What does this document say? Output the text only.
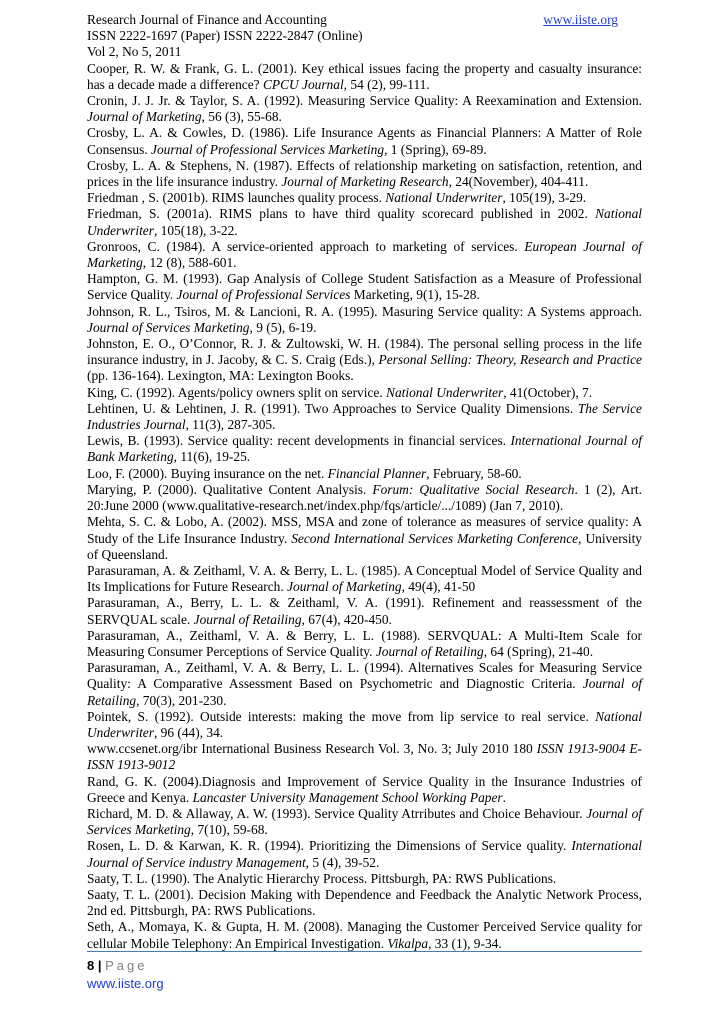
Research Journal of Finance and Accounting	www.iiste.org
ISSN 2222-1697 (Paper) ISSN 2222-2847 (Online)
Vol 2, No 5, 2011

Cooper, R. W. & Frank, G. L. (2001). Key ethical issues facing the property and casualty insurance: has a decade made a difference? CPCU Journal, 54 (2), 99-111.

Cronin, J. J. Jr. & Taylor, S. A. (1992). Measuring Service Quality: A Reexamination and Extension. Journal of Marketing, 56 (3), 55-68.

Crosby, L. A. & Cowles, D. (1986). Life Insurance Agents as Financial Planners: A Matter of Role Consensus. Journal of Professional Services Marketing, 1 (Spring), 69-89.

Crosby, L. A. & Stephens, N. (1987). Effects of relationship marketing on satisfaction, retention, and prices in the life insurance industry. Journal of Marketing Research, 24(November), 404-411.

Friedman , S. (2001b). RIMS launches quality process. National Underwriter, 105(19), 3-29.

Friedman, S. (2001a). RIMS plans to have third quality scorecard published in 2002. National Underwriter, 105(18), 3-22.

Gronroos, C. (1984). A service-oriented approach to marketing of services. European Journal of Marketing, 12 (8), 588-601.

Hampton, G. M. (1993). Gap Analysis of College Student Satisfaction as a Measure of Professional Service Quality. Journal of Professional Services Marketing, 9(1), 15-28.

Johnson, R. L., Tsiros, M. & Lancioni, R. A. (1995). Masuring Service quality: A Systems approach. Journal of Services Marketing, 9 (5), 6-19.

Johnston, E. O., O’Connor, R. J. & Zultowski, W. H. (1984). The personal selling process in the life insurance industry, in J. Jacoby, & C. S. Craig (Eds.), Personal Selling: Theory, Research and Practice (pp. 136-164). Lexington, MA: Lexington Books.

King, C. (1992). Agents/policy owners split on service. National Underwriter, 41(October), 7.

Lehtinen, U. & Lehtinen, J. R. (1991). Two Approaches to Service Quality Dimensions. The Service Industries Journal, 11(3), 287-305.

Lewis, B. (1993). Service quality: recent developments in financial services. International Journal of Bank Marketing, 11(6), 19-25.

Loo, F. (2000). Buying insurance on the net. Financial Planner, February, 58-60.

Marying, P. (2000). Qualitative Content Analysis. Forum: Qualitative Social Research. 1 (2), Art. 20:June 2000 (www.qualitative-research.net/index.php/fqs/article/.../1089) (Jan 7, 2010).

Mehta, S. C. & Lobo, A. (2002). MSS, MSA and zone of tolerance as measures of service quality: A Study of the Life Insurance Industry. Second International Services Marketing Conference, University of Queensland.

Parasuraman, A. & Zeithaml, V. A. & Berry, L. L. (1985). A Conceptual Model of Service Quality and Its Implications for Future Research. Journal of Marketing, 49(4), 41-50

Parasuraman, A., Berry, L. L. & Zeithaml, V. A. (1991). Refinement and reassessment of the SERVQUAL scale. Journal of Retailing, 67(4), 420-450.

Parasuraman, A., Zeithaml, V. A. & Berry, L. L. (1988). SERVQUAL: A Multi-Item Scale for Measuring Consumer Perceptions of Service Quality. Journal of Retailing, 64 (Spring), 21-40.

Parasuraman, A., Zeithaml, V. A. & Berry, L. L. (1994). Alternatives Scales for Measuring Service Quality: A Comparative Assessment Based on Psychometric and Diagnostic Criteria. Journal of Retailing, 70(3), 201-230.

Pointek, S. (1992). Outside interests: making the move from lip service to real service. National Underwriter, 96 (44), 34.

www.ccsenet.org/ibr International Business Research Vol. 3, No. 3; July 2010 180 ISSN 1913-9004 E-ISSN 1913-9012

Rand, G. K. (2004).Diagnosis and Improvement of Service Quality in the Insurance Industries of Greece and Kenya. Lancaster University Management School Working Paper.

Richard, M. D. & Allaway, A. W. (1993). Service Quality Atrributes and Choice Behaviour. Journal of Services Marketing, 7(10), 59-68.

Rosen, L. D. & Karwan, K. R. (1994). Prioritizing the Dimensions of Service quality. International Journal of Service industry Management, 5 (4), 39-52.

Saaty, T. L. (1990). The Analytic Hierarchy Process. Pittsburgh, PA: RWS Publications.

Saaty, T. L. (2001). Decision Making with Dependence and Feedback the Analytic Network Process, 2nd ed. Pittsburgh, PA: RWS Publications.

Seth, A., Momaya, K. & Gupta, H. M. (2008). Managing the Customer Perceived Service quality for cellular Mobile Telephony: An Empirical Investigation. Vikalpa, 33 (1), 9-34.

8 | Page
www.iiste.org
